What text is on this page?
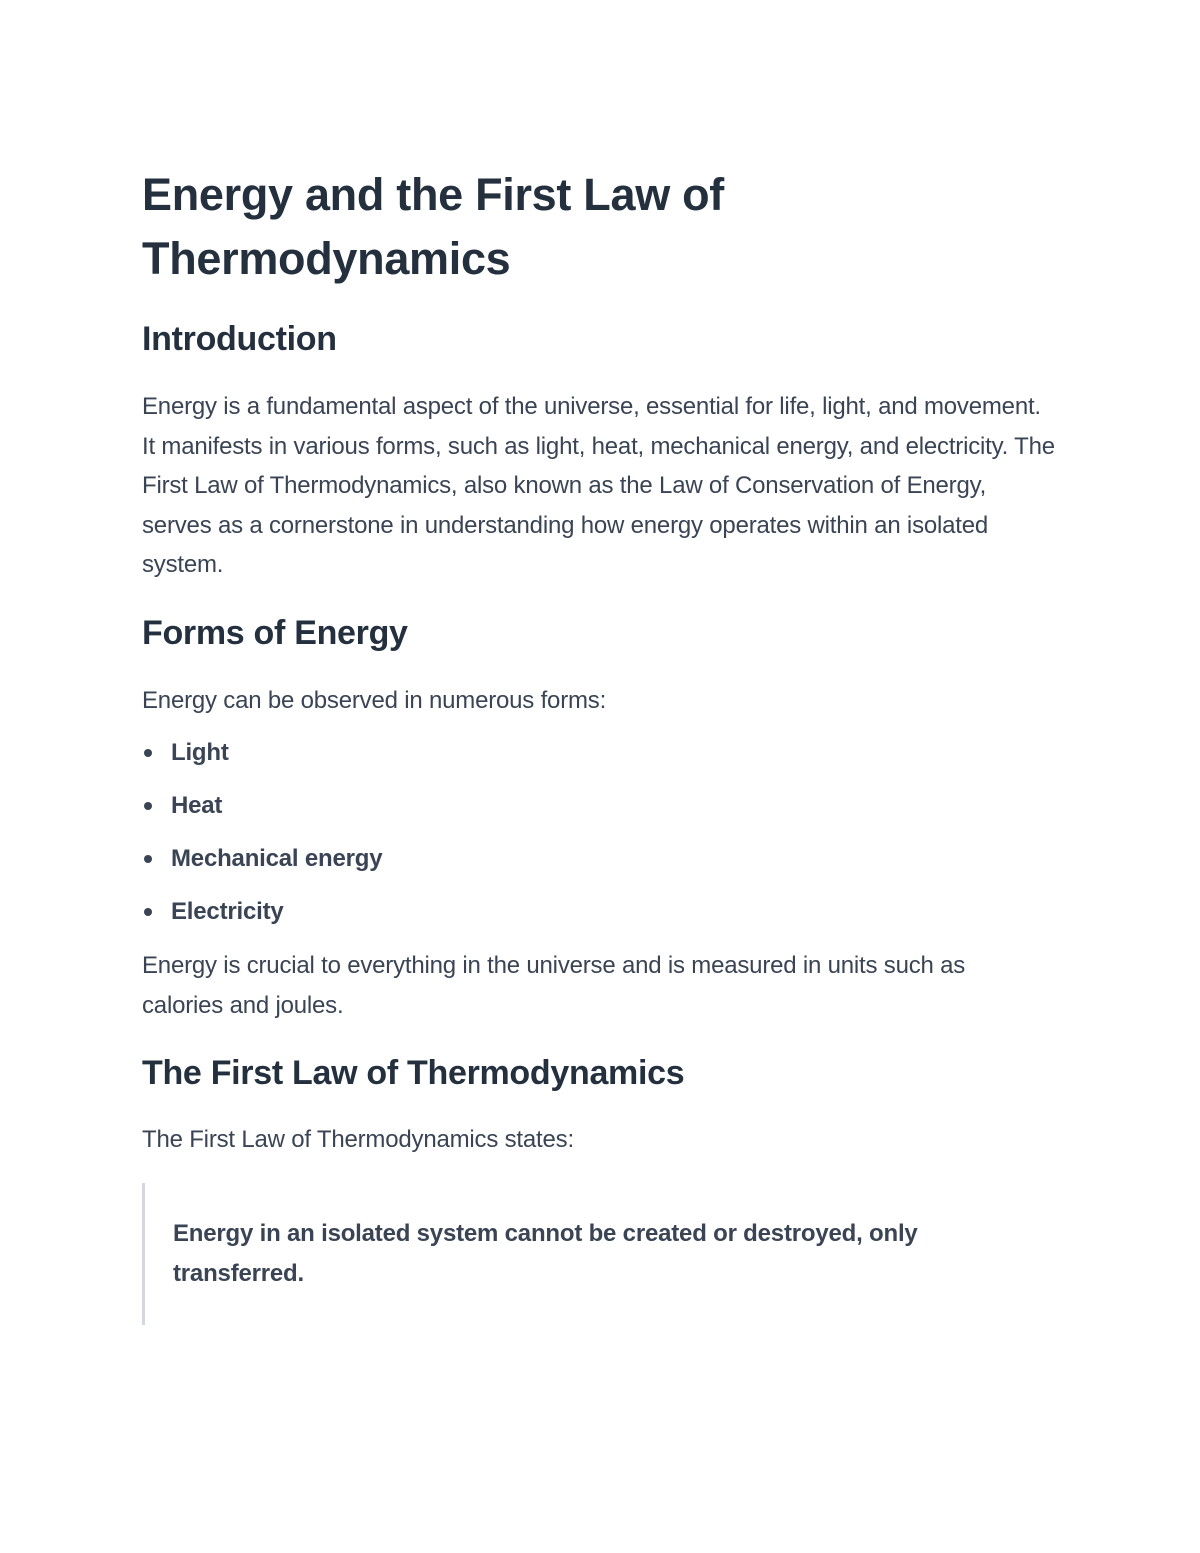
Energy and the First Law of Thermodynamics
Introduction

Energy is a fundamental aspect of the universe, essential for life, light, and movement. It manifests in various forms, such as light, heat, mechanical energy, and electricity. The First Law of Thermodynamics, also known as the Law of Conservation of Energy, serves as a cornerstone in understanding how energy operates within an isolated system.

Forms of Energy

Energy can be observed in numerous forms:

Light
Heat
Mechanical energy
Electricity

Energy is crucial to everything in the universe and is measured in units such as calories and joules.

The First Law of Thermodynamics

The First Law of Thermodynamics states:

Energy in an isolated system cannot be created or destroyed, only transferred.
